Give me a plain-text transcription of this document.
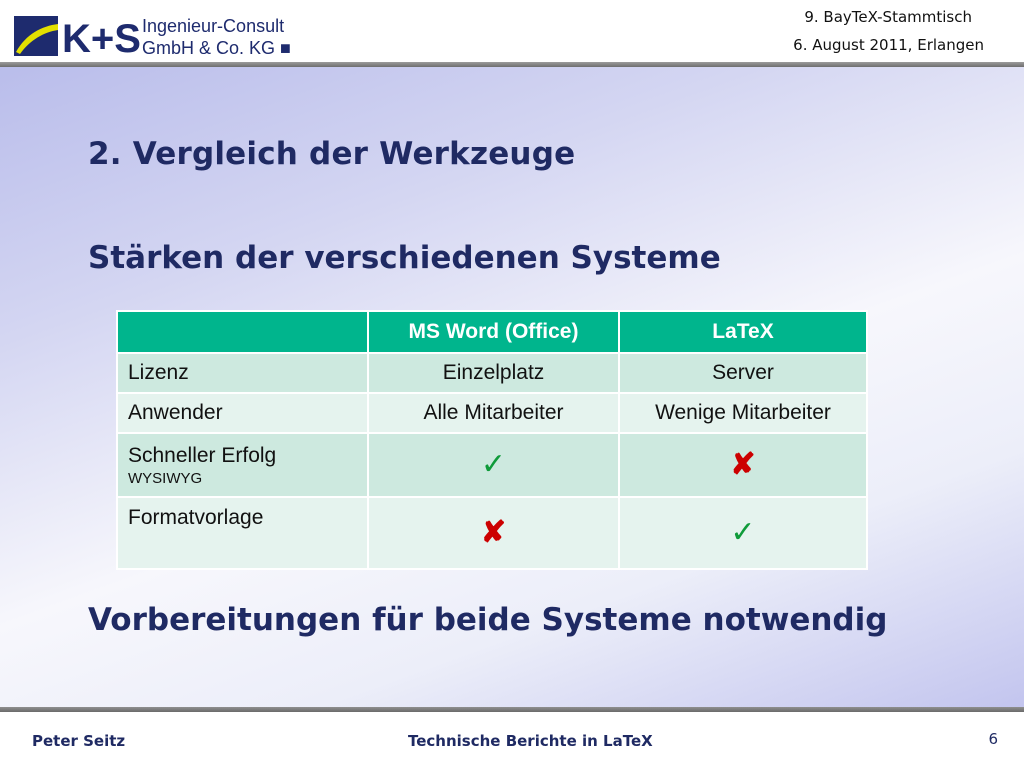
K+S Ingenieur-Consult
GmbH & Co. KG ■
9. BayTeX-Stammtisch
6. August 2011, Erlangen
2. Vergleich der Werkzeuge
Stärken der verschiedenen Systeme
	MS Word (Office)	LaTeX
Lizenz	Einzelplatz	Server
Anwender	Alle Mitarbeiter	Wenige Mitarbeiter
Schneller Erfolg
WYSIWYG	✓	✘
Formatvorlage	✘	✓
Vorbereitungen für beide Systeme notwendig
Peter Seitz	Technische Berichte in LaTeX	6
